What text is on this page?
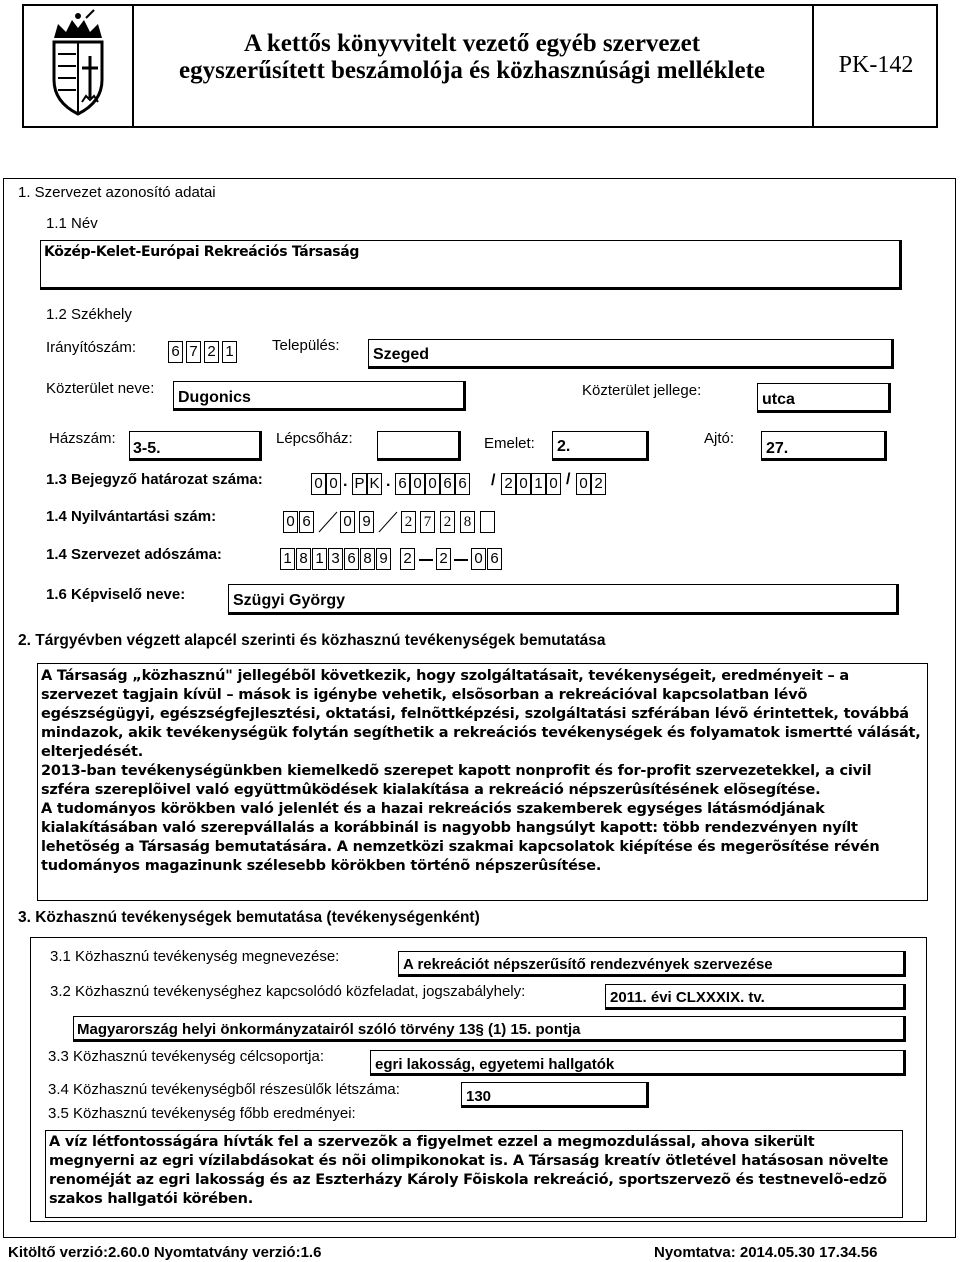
A kettős könyvvitelt vezető egyéb szervezet
egyszerűsített beszámolója és közhasznúsági melléklete	PK-142
1. Szervezet azonosító adatai
1.1 Név
Közép-Kelet-Európai Rekreációs Társaság
1.2 Székhely
Irányítószám: 6 7 2 1	Település:
Szeged
Közterület neve:
Dugonics	Közterület jellege:
utca
Házszám:
3-5.
Lépcsőház:	Emelet: 2.	Ajtó:
27.
1.3 Bejegyző határozat száma:	0 0 . P K . 6 0 0 6 6 / 2 0 1 0 / 0 2
1.4 Nyilvántartási szám:	0 6 0 9 2 7 2 8
1.4 Szervezet adószáma:	1 8 1 3 6 8 9 2 2 0 6
1.6 Képviselő neve:	Szügyi György
2. Tárgyévben végzett alapcél szerinti és közhasznú tevékenységek bemutatása

A Társaság „közhasznú" jellegébõl következik, hogy szolgáltatásait, tevékenységeit, eredményeit – a szervezet tagjain kívül – mások is igénybe vehetik, elsõsorban a rekreációval kapcsolatban lévõ egészségügyi, egészségfejlesztési, oktatási, felnõttképzési, szolgáltatási szférában lévõ érintettek, továbbá mindazok, akik tevékenységük folytán segíthetik a rekreációs tevékenységek és folyamatok ismertté válását, elterjedését.

2013-ban tevékenységünkben kiemelkedõ szerepet kapott nonprofit és for-profit szervezetekkel, a civil szféra szereplõivel való együttmûködések kialakítása a rekreáció népszerûsítésének elõsegítése.

A tudományos körökben való jelenlét és a hazai rekreációs szakemberek egységes látásmódjának kialakításában való szerepvállalás a korábbinál is nagyobb hangsúlyt kapott: több rendezvényen nyílt lehetõség a Társaság bemutatására. A nemzetközi szakmai kapcsolatok kiépítése és megerõsítése révén tudományos magazinunk szélesebb körökben történõ népszerûsítése.

3. Közhasznú tevékenységek bemutatása (tevékenységenként)
3.1 Közhasznú tevékenység megnevezése:	A rekreációt népszerűsítő rendezvények szervezése
3.2 Közhasznú tevékenységhez kapcsolódó közfeladat, jogszabályhely:	2011. évi CLXXXIX. tv.
Magyarország helyi önkormányzatairól szóló törvény 13§ (1) 15. pontja
3.3 Közhasznú tevékenység célcsoportja:	egri lakosság, egyetemi hallgatók
3.4 Közhasznú tevékenységből részesülők létszáma:	130
3.5 Közhasznú tevékenység főbb eredményei:
A víz létfontosságára hívták fel a szervezõk a figyelmet ezzel a megmozdulással, ahova sikerült megnyerni az egri vízilabdásokat és nõi olimpikonokat is. A Társaság kreatív ötletével hatásosan növelte renoméját az egri lakosság és az Eszterházy Károly Fõiskola rekreáció, sportszervezõ és testnevelõ-edzõ szakos hallgatói körében.
Kitöltő verzió:2.60.0 Nyomtatvány verzió:1.6	Nyomtatva: 2014.05.30 17.34.56
